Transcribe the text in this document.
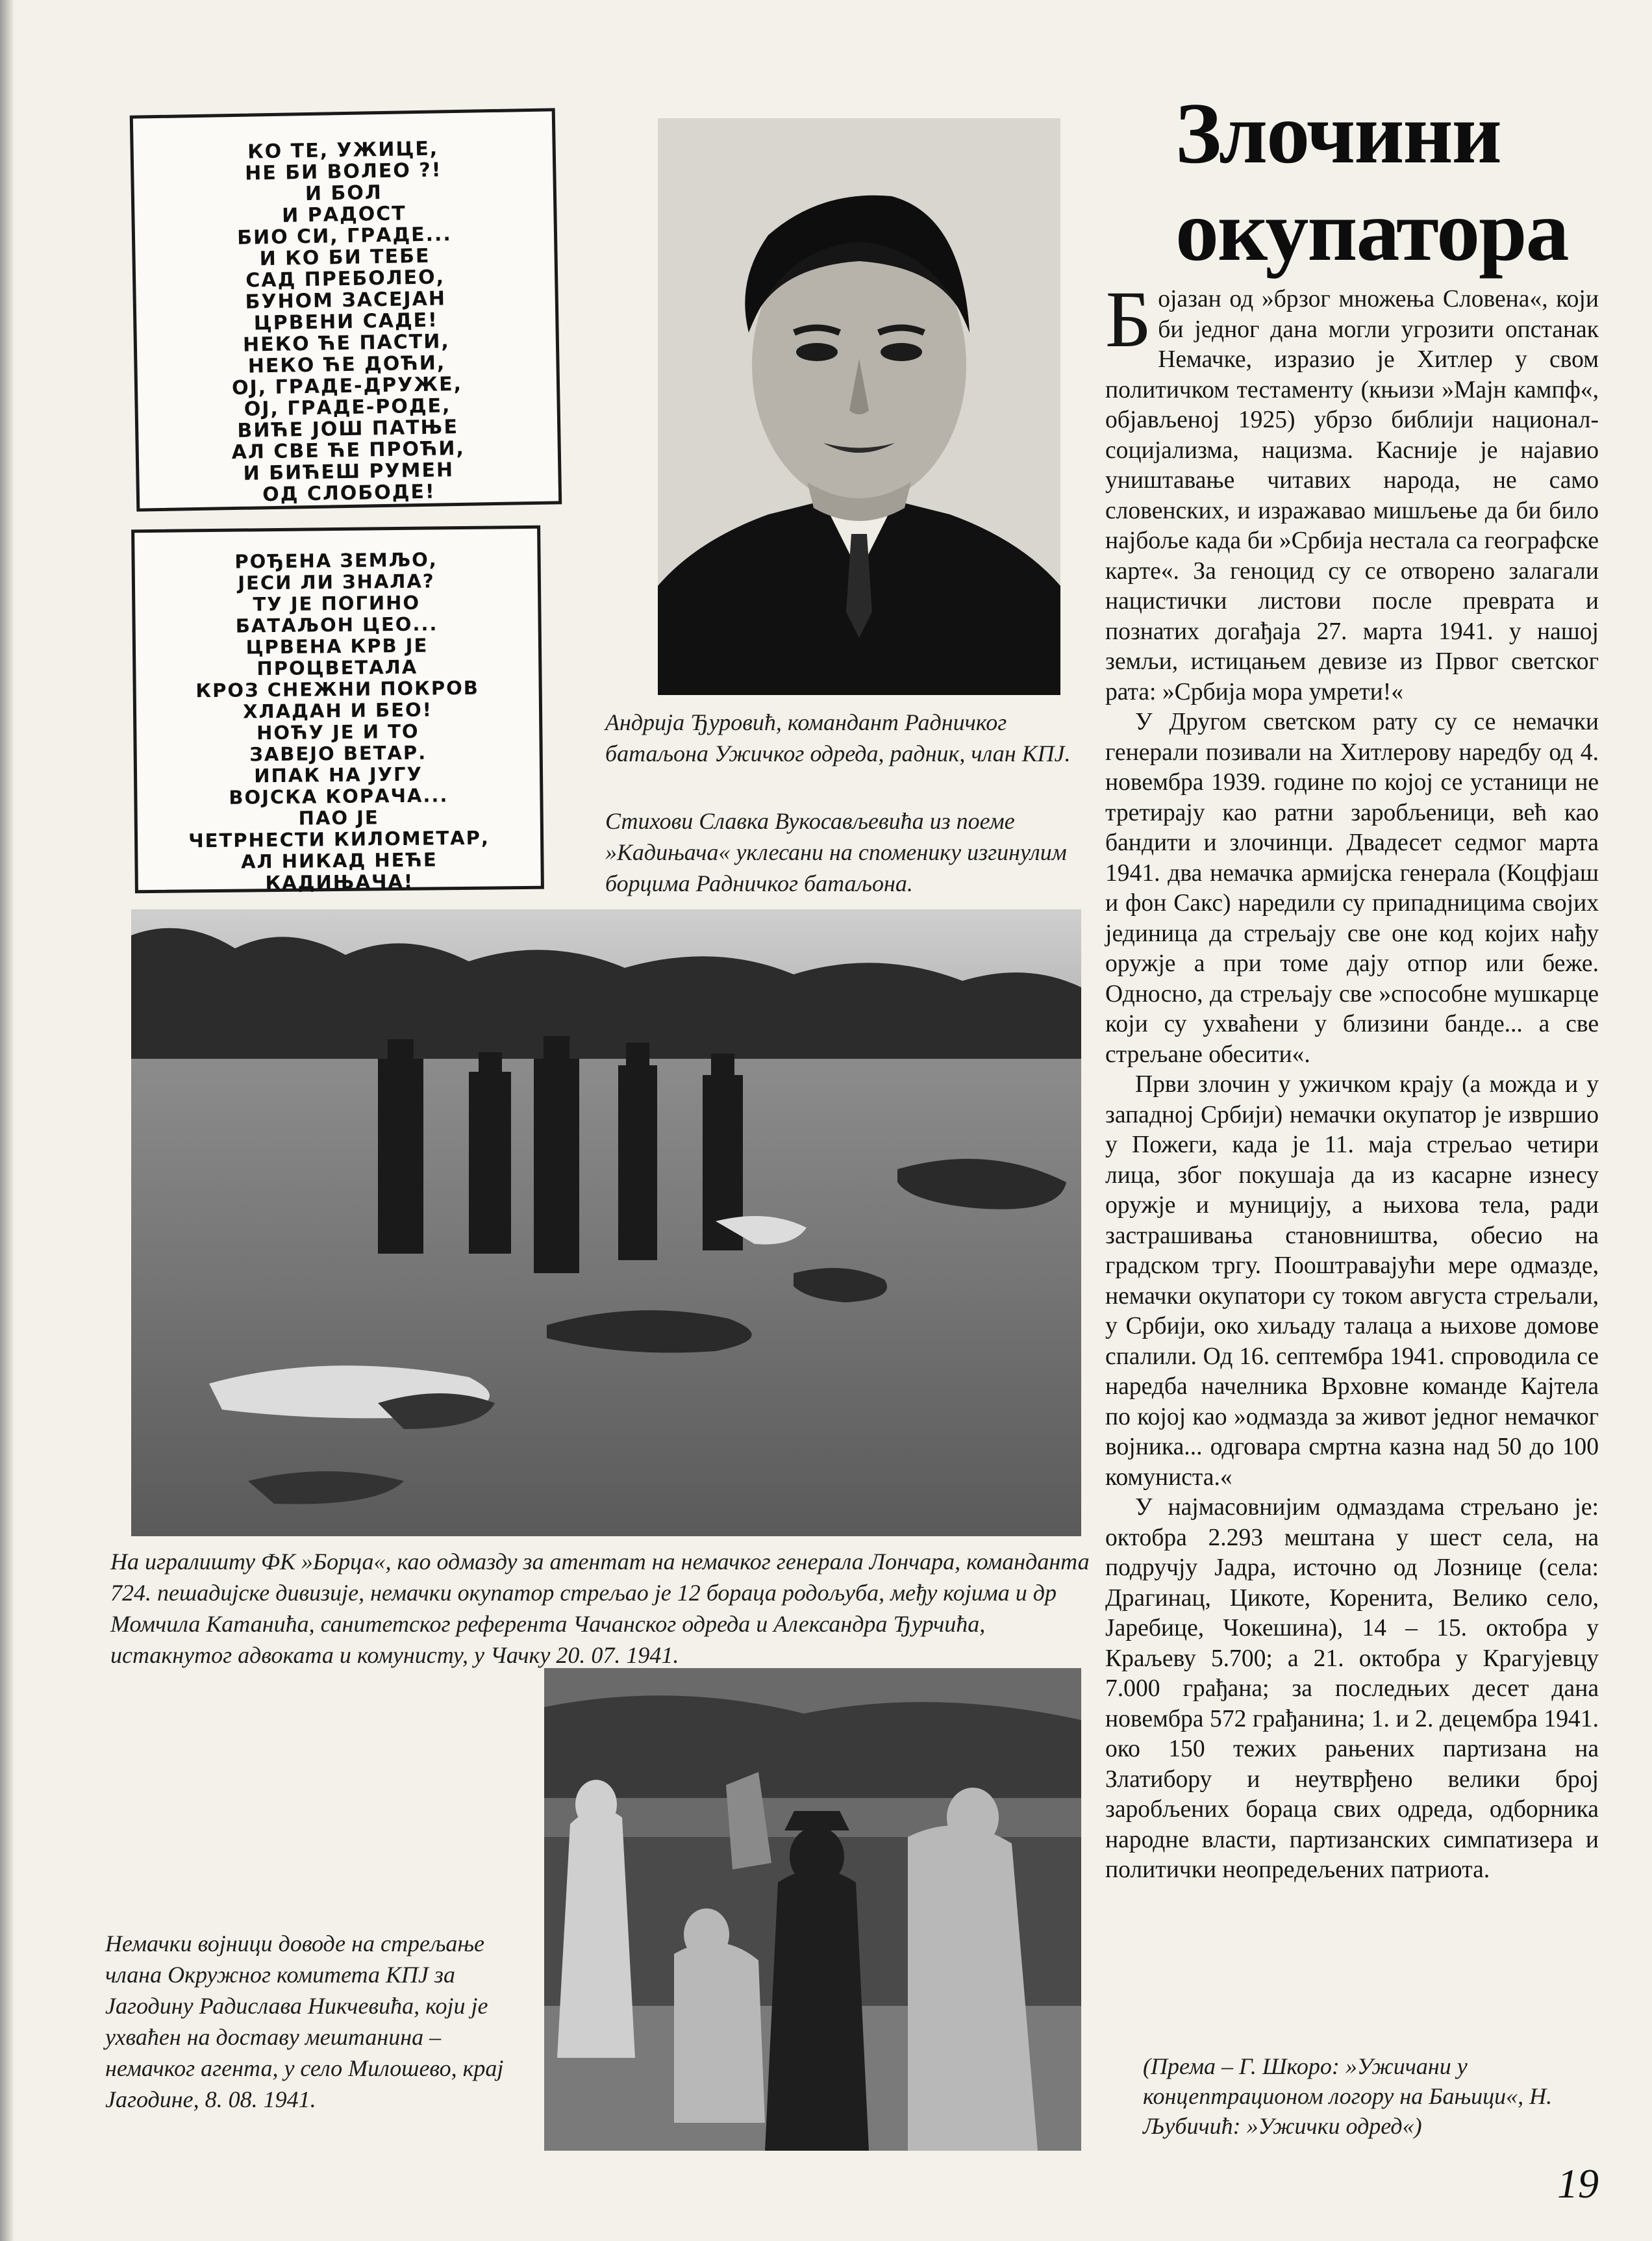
КО ТЕ, УЖИЦЕ,
НЕ БИ ВОЛЕО ?!
И БОЛ
И РАДОСТ
БИО СИ, ГРАДЕ...
И КО БИ ТЕБЕ
САД ПРЕБОЛЕО,
БУНОМ ЗАСЕЈАН
ЦРВЕНИ САДЕ!
НЕКО ЋЕ ПАСТИ,
НЕКО ЋЕ ДОЋИ,
ОЈ, ГРАДЕ-ДРУЖЕ,
ОЈ, ГРАДЕ-РОДЕ,
ВИЋЕ ЈОШ ПАТЊЕ
АЛ СВЕ ЋЕ ПРОЋИ,
И БИЋЕШ РУМЕН
ОД СЛОБОДЕ!
РОЂЕНА ЗЕМЉО,
ЈЕСИ ЛИ ЗНАЛА?
ТУ ЈЕ ПОГИНО
БАТАЉОН ЦЕО...
ЦРВЕНА КРВ ЈЕ
ПРОЦВЕТАЛА
КРОЗ СНЕЖНИ ПОКРОВ
ХЛАДАН И БЕО!
НОЋУ ЈЕ И ТО
ЗАВЕЈО ВЕТАР.
ИПАК НА ЈУГУ
ВОЈСКА КОРАЧА...
ПАО ЈЕ
ЧЕТРНЕСТИ КИЛОМЕТАР,
АЛ НИКАД НЕЋЕ
КАДИЊАЧА!

Андрија Ђуровић, командант Радничког батаљона Ужичког одреда, радник, члан КПЈ.

Стихови Славка Вукосављевића из поеме »Кадињача« уклесани на споменику изгинулим борцима Радничког батаљона.

На игралишту ФК »Борца«, као одмазду за атентат на немачког генерала Лончара, команданта 724. пешадијске дивизије, немачки окупатор стрељао је 12 бораца родољуба, међу којима и др Момчила Катанића, санитетског референта Чачанског одреда и Александра Ђурчића, истакнутог адвоката и комунисту, у Чачку 20. 07. 1941.

Немачки војници доводе на стрељање члана Окружног комитета КПЈ за Јагодину Радислава Никчевића, који је ухваћен на доставу мештанина – немачког агента, у село Милошево, крај Јагодине, 8. 08. 1941.

Злочини
окупатора

Бојазан од »брзог множења Словена«, који би једног дана могли угрозити опстанак Немачке, изразио је Хитлер у свом политичком тестаменту (књизи »Мајн кампф«, објављеној 1925) убрзо библији национал-социјализма, нацизма. Касније је најавио уништавање читавих народа, не само словенских, и изражавао мишљење да би било најбоље када би »Србија нестала са географске карте«. За геноцид су се отворено залагали нацистички листови после преврата и познатих догађаја 27. марта 1941. у нашој земљи, истицањем девизе из Првог светског рата: »Србија мора умрети!«

У Другом светском рату су се немачки генерали позивали на Хитлерову наредбу од 4. новембра 1939. године по којој се устаници не третирају као ратни заробљеници, већ као бандити и злочинци. Двадесет седмог марта 1941. два немачка армијска генерала (Коцфјаш и фон Сакс) наредили су припадницима својих јединица да стрељају све оне код којих нађу оружје а при томе дају отпор или беже. Односно, да стрељају све »способне мушкарце који су ухваћени у близини банде... а све стрељане обесити«.

Први злочин у ужичком крају (а можда и у западној Србији) немачки окупатор је извршио у Пожеги, када је 11. маја стрељао четири лица, због покушаја да из касарне изнесу оружје и муницију, а њихова тела, ради застрашивања становништва, обесио на градском тргу. Пооштравајући мере одмазде, немачки окупатори су током августа стрељали, у Србији, око хиљаду талаца а њихове домове спалили. Од 16. септембра 1941. спроводила се наредба начелника Врховне команде Кајтела по којој као »одмазда за живот једног немачког војника... одговара смртна казна над 50 до 100 комуниста.«

У најмасовнијим одмаздама стрељано је: октобра 2.293 мештана у шест села, на подручју Јадра, источно од Лознице (села: Драгинац, Цикоте, Коренита, Велико село, Јаребице, Чокешина), 14 – 15. октобра у Краљеву 5.700; а 21. октобра у Крагујевцу 7.000 грађана; за последњих десет дана новембра 572 грађанина; 1. и 2. децембра 1941. око 150 тежих рањених партизана на Златибору и неутврђено велики број заробљених бораца свих одреда, одборника народне власти, партизанских симпатизера и политички неопредељених патриота.

(Према – Г. Шкоро: »Ужичани у концептрационом логору на Бањици«, Н. Љубичић: »Ужички одред«)

19
